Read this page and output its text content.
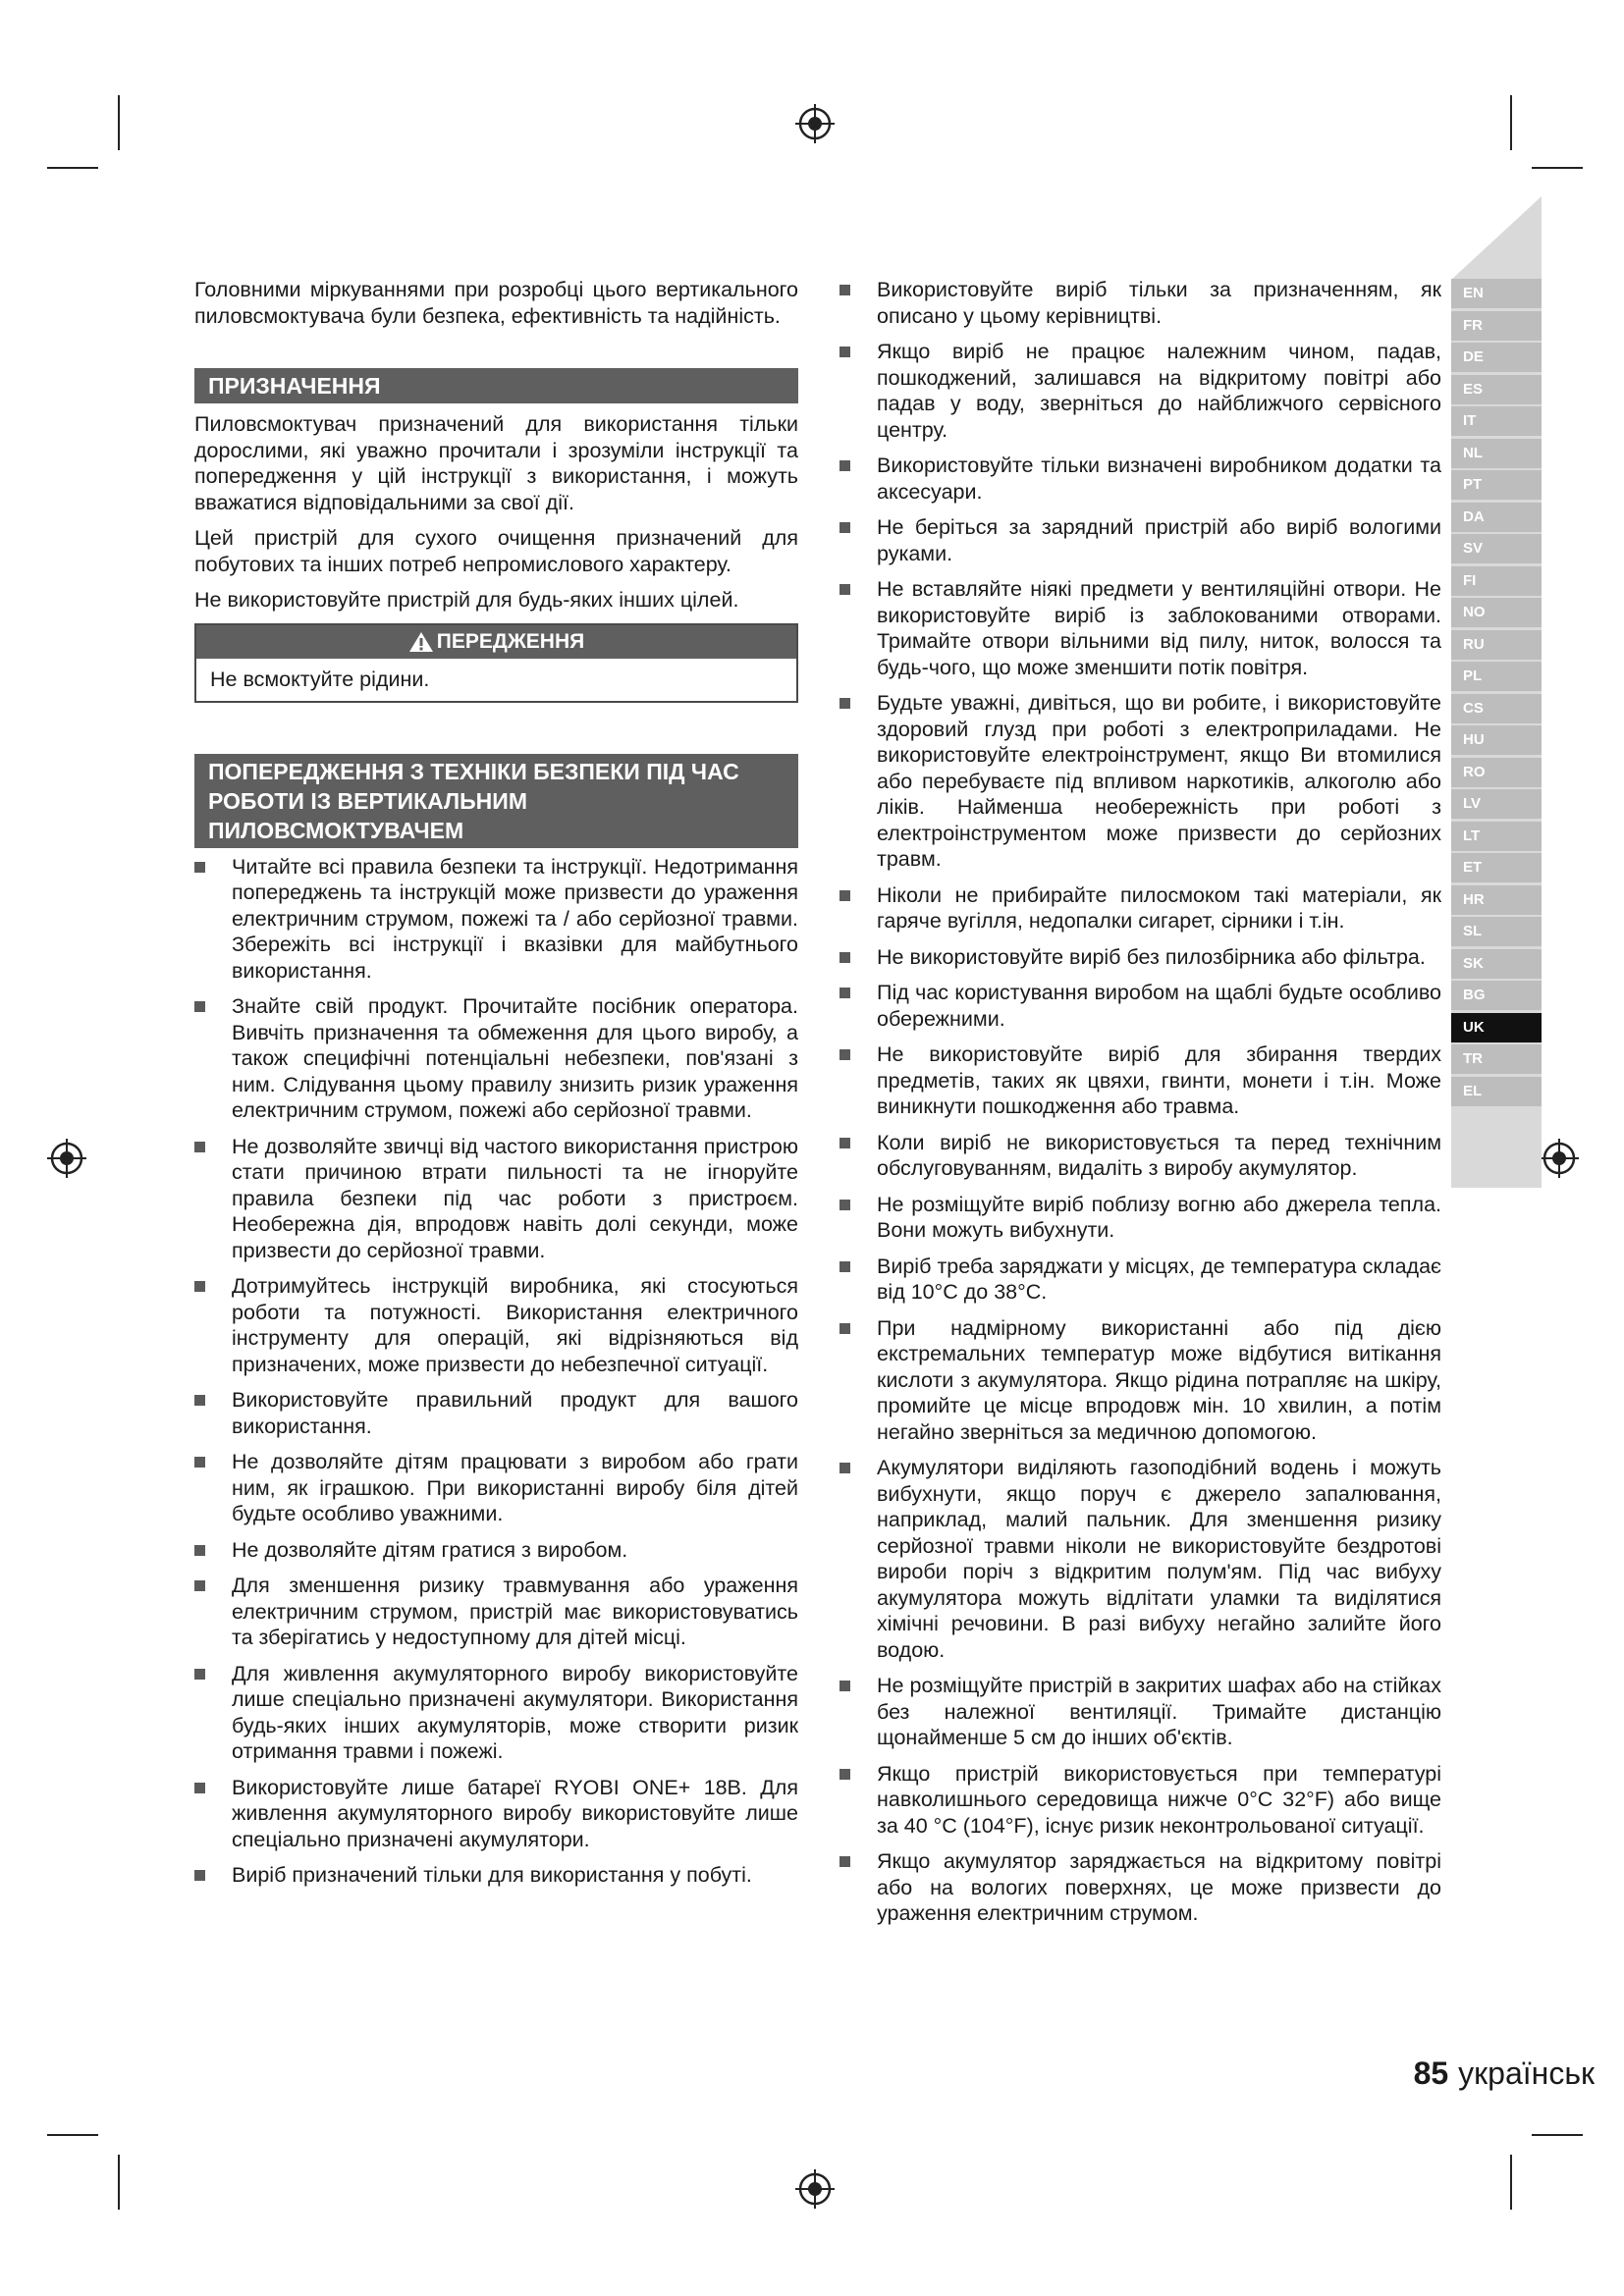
EN
FR
DE
ES
IT
NL
PT
DA
SV
FI
NO
RU
PL
CS
HU
RO
LV
LT
ET
HR
SL
SK
BG
UK
TR
EL

Головними міркуваннями при розробці цього вертикального пиловсмоктувача були безпека, ефективність та надійність.

ПРИЗНАЧЕННЯ

Пиловсмоктувач призначений для використання тільки дорослими, які уважно прочитали і зрозуміли інструкції та попередження у цій інструкції з використання, і можуть вважатися відповідальними за свої дії.

Цей пристрій для сухого очищення призначений для побутових та інших потреб непромислового характеру.

Не використовуйте пристрій для будь-яких інших цілей.

ПЕРЕДЖЕННЯ
Не всмоктуйте рідини.
ПОПЕРЕДЖЕННЯ З ТЕХНІКИ БЕЗПЕКИ ПІД ЧАС РОБОТИ ІЗ ВЕРТИКАЛЬНИМ ПИЛОВСМОКТУВАЧЕМ
Читайте всі правила безпеки та інструкції. Недотримання попереджень та інструкцій може призвести до ураження електричним струмом, пожежі та / або серйозної травми. Збережіть всі інструкції і вказівки для майбутнього використання.
Знайте свій продукт. Прочитайте посібник оператора. Вивчіть призначення та обмеження для цього виробу, а також специфічні потенціальні небезпеки, пов'язані з ним. Слідування цьому правилу знизить ризик ураження електричним струмом, пожежі або серйозної травми.
Не дозволяйте звичці від частого використання пристрою стати причиною втрати пильності та не ігноруйте правила безпеки під час роботи з пристроєм. Необережна дія, впродовж навіть долі секунди, може призвести до серйозної травми.
Дотримуйтесь інструкцій виробника, які стосуються роботи та потужності. Використання електричного інструменту для операцій, які відрізняються від призначених, може призвести до небезпечної ситуації.
Використовуйте правильний продукт для вашого використання.
Не дозволяйте дітям працювати з виробом або грати ним, як іграшкою. При використанні виробу біля дітей будьте особливо уважними.
Не дозволяйте дітям гратися з виробом.
Для зменшення ризику травмування або ураження електричним струмом, пристрій має використовуватись та зберігатись у недоступному для дітей місці.
Для живлення акумуляторного виробу використовуйте лише спеціально призначені акумулятори. Використання будь-яких інших акумуляторів, може створити ризик отримання травми і пожежі.
Використовуйте лише батареї RYOBI ONE+ 18В. Для живлення акумуляторного виробу використовуйте лише спеціально призначені акумулятори.
Виріб призначений тільки для використання у побуті.
Використовуйте виріб тільки за призначенням, як описано у цьому керівництві.
Якщо виріб не працює належним чином, падав, пошкоджений, залишався на відкритому повітрі або падав у воду, зверніться до найближчого сервісного центру.
Використовуйте тільки визначені виробником додатки та аксесуари.
Не беріться за зарядний пристрій або виріб вологими руками.
Не вставляйте ніякі предмети у вентиляційні отвори. Не використовуйте виріб із заблокованими отворами. Тримайте отвори вільними від пилу, ниток, волосся та будь-чого, що може зменшити потік повітря.
Будьте уважні, дивіться, що ви робите, і використовуйте здоровий глузд при роботі з електроприладами. Не використовуйте електроінструмент, якщо Ви втомилися або перебуваєте під впливом наркотиків, алкоголю або ліків. Найменша необережність при роботі з електроінструментом може призвести до серйозних травм.
Ніколи не прибирайте пилосмоком такі матеріали, як гаряче вугілля, недопалки сигарет, сірники і т.ін.
Не використовуйте виріб без пилозбірника або фільтра.
Під час користування виробом на щаблі будьте особливо обережними.
Не використовуйте виріб для збирання твердих предметів, таких як цвяхи, гвинти, монети і т.ін. Може виникнути пошкодження або травма.
Коли виріб не використовується та перед технічним обслуговуванням, видаліть з виробу акумулятор.
Не розміщуйте виріб поблизу вогню або джерела тепла. Вони можуть вибухнути.
Виріб треба заряджати у місцях, де температура складає від 10°C до 38°C.
При надмірному використанні або під дією екстремальних температур може відбутися витікання кислоти з акумулятора. Якщо рідина потрапляє на шкіру, промийте це місце впродовж мін. 10 хвилин, а потім негайно зверніться за медичною допомогою.
Акумулятори виділяють газоподібний водень і можуть вибухнути, якщо поруч є джерело запалювання, наприклад, малий пальник. Для зменшення ризику серйозної травми ніколи не використовуйте бездротові вироби поріч з відкритим полум'ям. Під час вибуху акумулятора можуть відлітати уламки та виділятися хімічні речовини. В разі вибуху негайно залийте його водою.
Не розміщуйте пристрій в закритих шафах або на стійках без належної вентиляції. Тримайте дистанцію щонайменше 5 см до інших об'єктів.
Якщо пристрій використовується при температурі навколишнього середовища нижче 0°C 32°F) або вище за 40 °C (104°F), існує ризик неконтрольованої ситуації.
Якщо акумулятор заряджається на відкритому повітрі або на вологих поверхнях, це може призвести до ураження електричним струмом.
85 українськ
